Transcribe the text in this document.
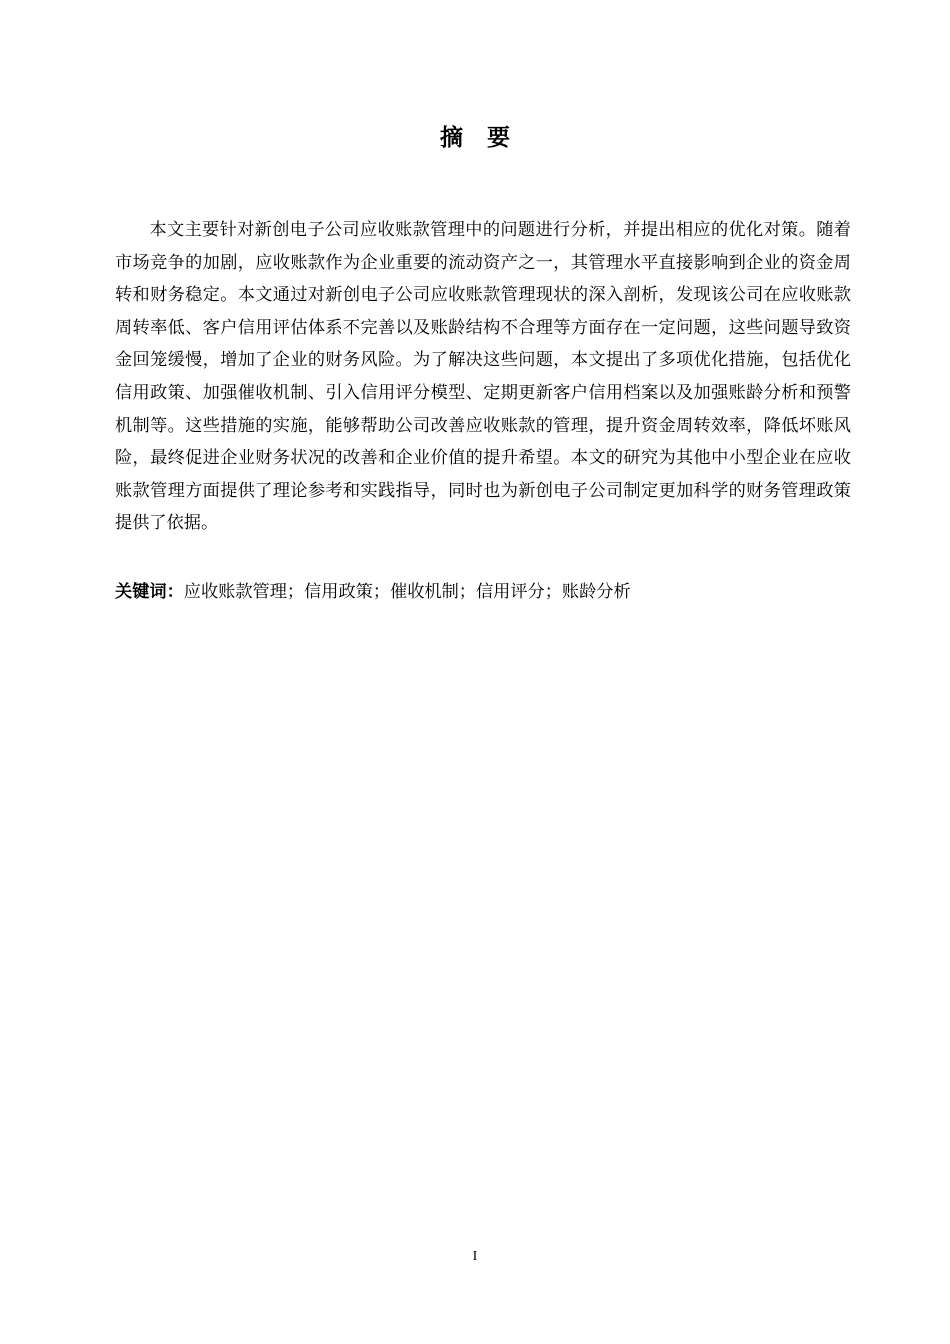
摘要

本文主要针对新创电子公司应收账款管理中的问题进行分析，并提出相应的优化对策。随着市场竞争的加剧，应收账款作为企业重要的流动资产之一，其管理水平直接影响到企业的资金周转和财务稳定。本文通过对新创电子公司应收账款管理现状的深入剖析，发现该公司在应收账款周转率低、客户信用评估体系不完善以及账龄结构不合理等方面存在一定问题，这些问题导致资金回笼缓慢，增加了企业的财务风险。为了解决这些问题，本文提出了多项优化措施，包括优化信用政策、加强催收机制、引入信用评分模型、定期更新客户信用档案以及加强账龄分析和预警机制等。这些措施的实施，能够帮助公司改善应收账款的管理，提升资金周转效率，降低坏账风险，最终促进企业财务状况的改善和企业价值的提升希望。本文的研究为其他中小型企业在应收账款管理方面提供了理论参考和实践指导，同时也为新创电子公司制定更加科学的财务管理政策提供了依据。

关键词：应收账款管理；信用政策；催收机制；信用评分；账龄分析

I
